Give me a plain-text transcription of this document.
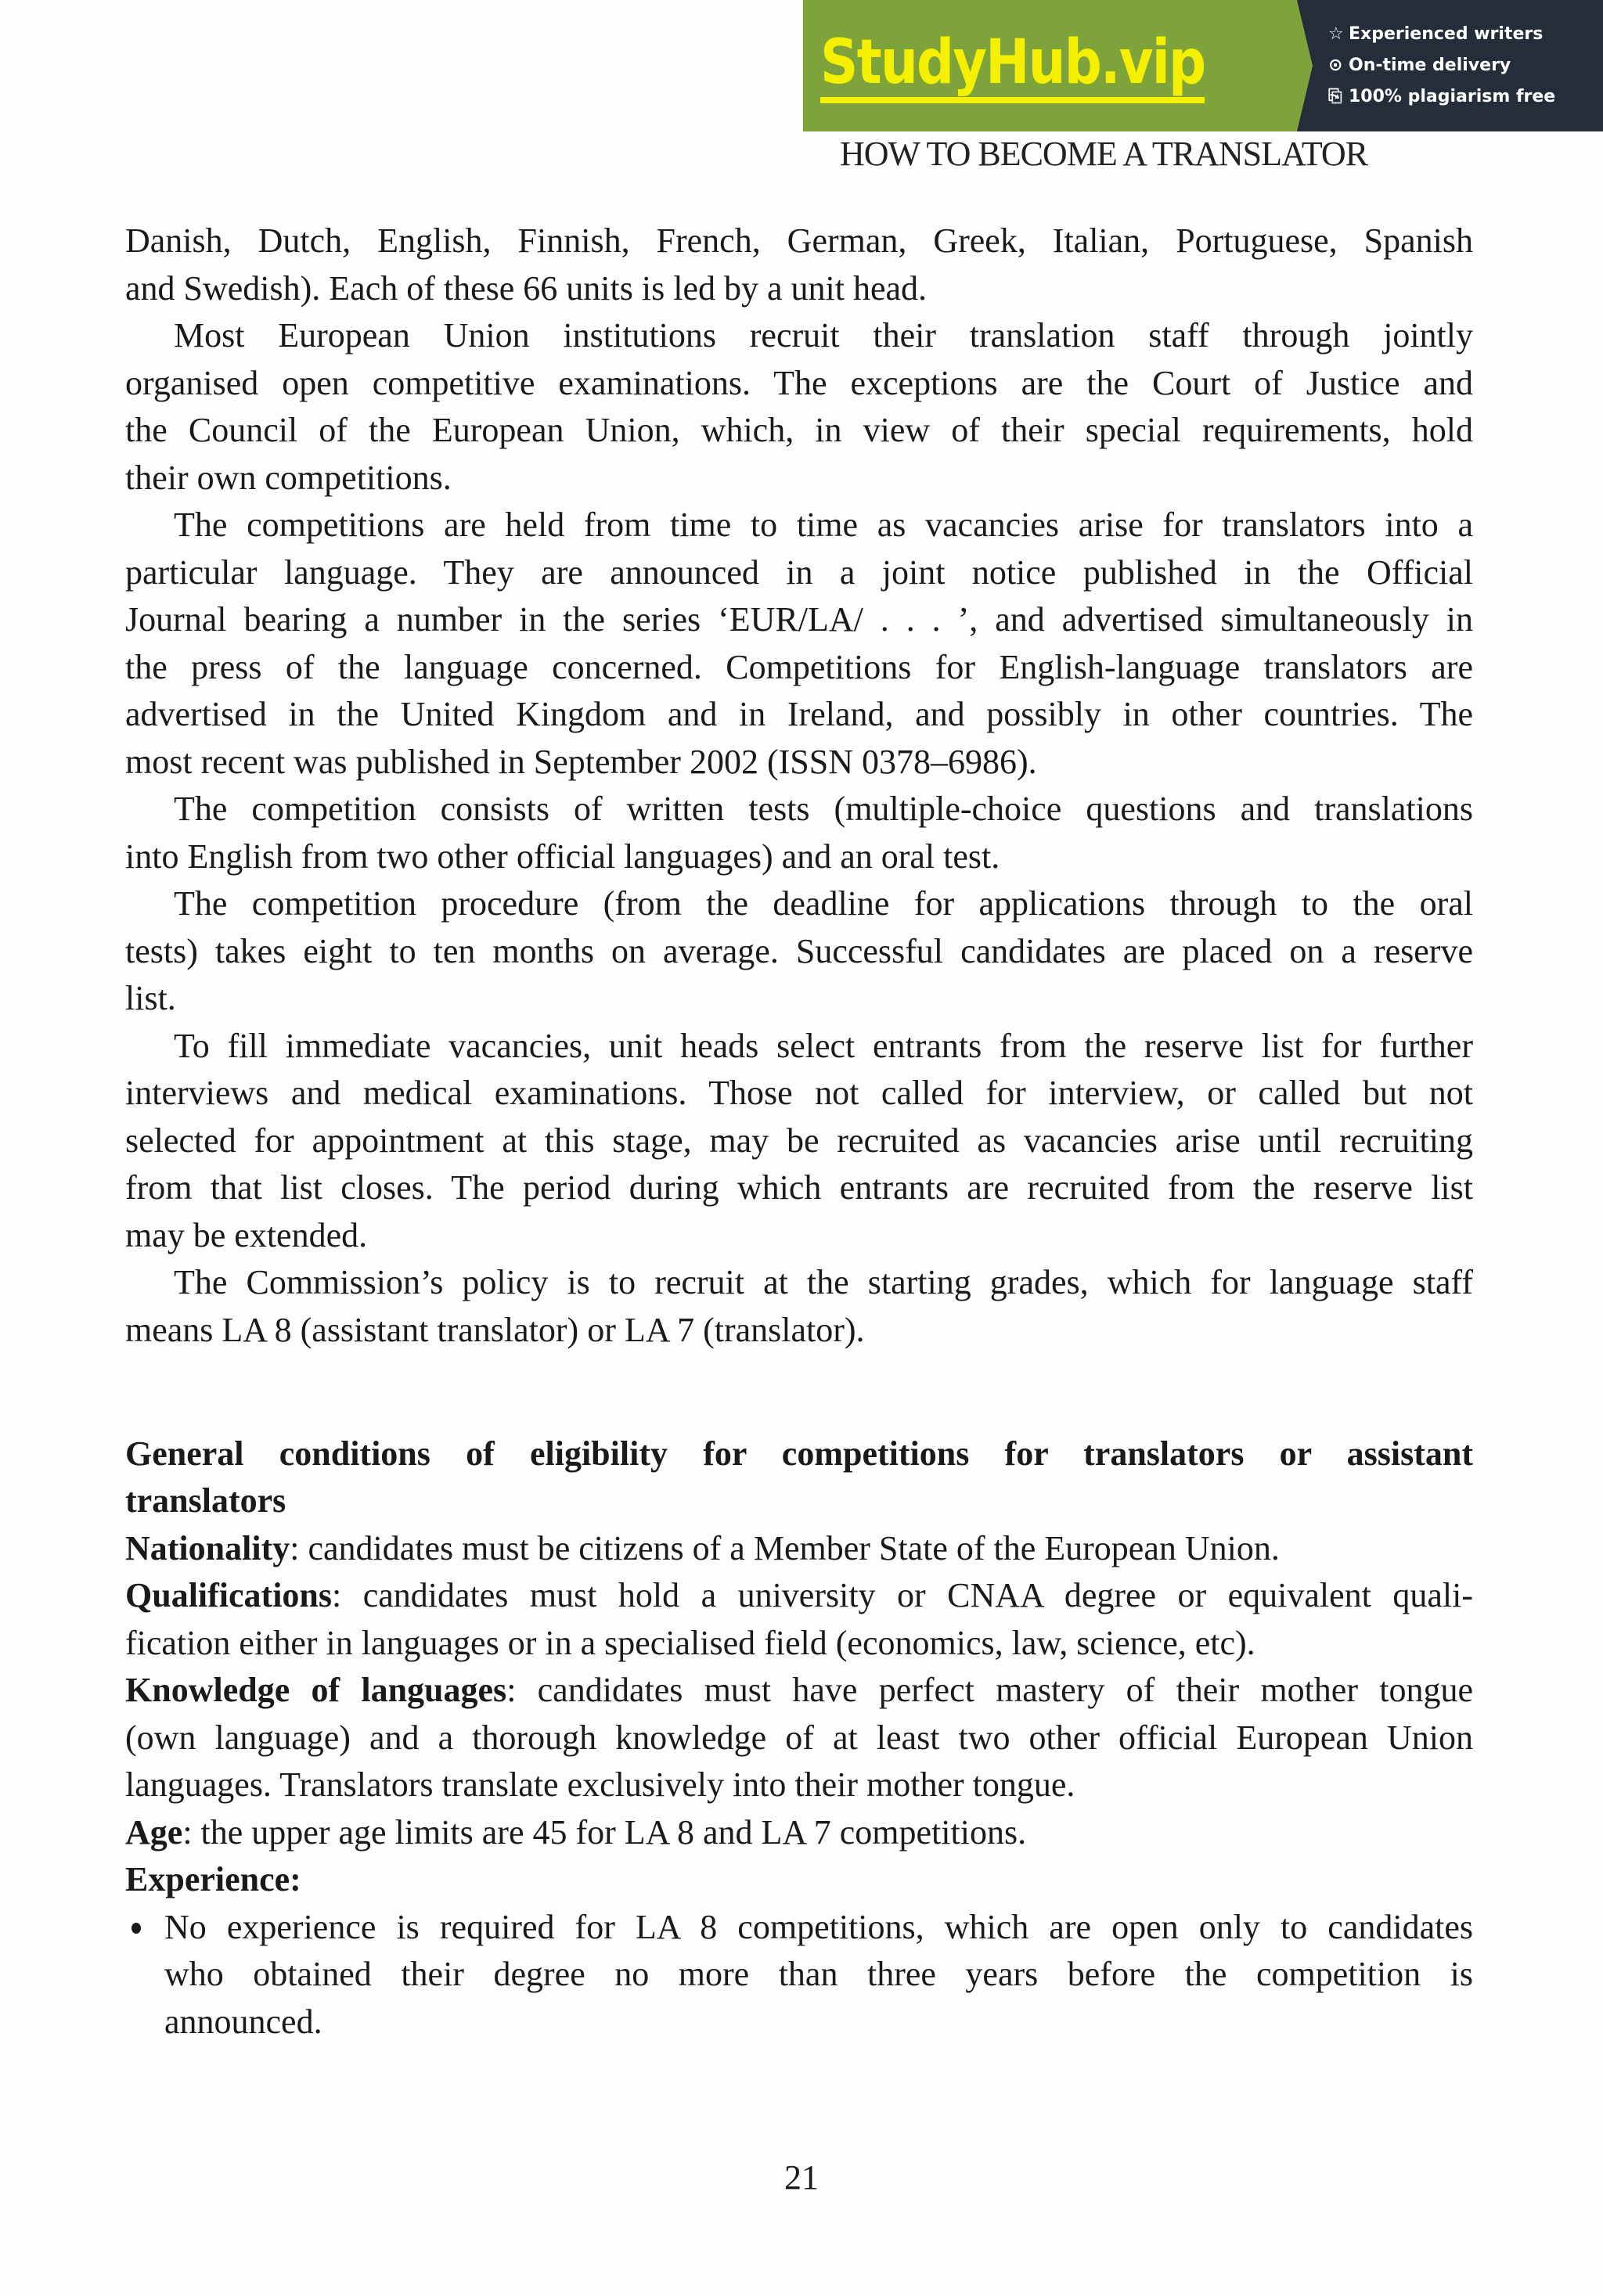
StudyHub.vip	☆ Experienced writers
⊙ On-time delivery
⎘ 100% plagiarism free
HOW TO BECOME A TRANSLATOR
Danish, Dutch, English, Finnish, French, German, Greek, Italian, Portuguese, Spanish
and Swedish). Each of these 66 units is led by a unit head.
Most European Union institutions recruit their translation staff through jointly
organised open competitive examinations. The exceptions are the Court of Justice and
the Council of the European Union, which, in view of their special requirements, hold
their own competitions.
The competitions are held from time to time as vacancies arise for translators into a
particular language. They are announced in a joint notice published in the Official
Journal bearing a number in the series ‘EUR/LA/ . . . ’, and advertised simultaneously in
the press of the language concerned. Competitions for English-language translators are
advertised in the United Kingdom and in Ireland, and possibly in other countries. The
most recent was published in September 2002 (ISSN 0378–6986).
The competition consists of written tests (multiple-choice questions and translations
into English from two other official languages) and an oral test.
The competition procedure (from the deadline for applications through to the oral
tests) takes eight to ten months on average. Successful candidates are placed on a reserve
list.
To fill immediate vacancies, unit heads select entrants from the reserve list for further
interviews and medical examinations. Those not called for interview, or called but not
selected for appointment at this stage, may be recruited as vacancies arise until recruiting
from that list closes. The period during which entrants are recruited from the reserve list
may be extended.
The Commission’s policy is to recruit at the starting grades, which for language staff
means LA 8 (assistant translator) or LA 7 (translator).
General conditions of eligibility for competitions for translators or assistant
translators
Nationality: candidates must be citizens of a Member State of the European Union.
Qualifications: candidates must hold a university or CNAA degree or equivalent quali-
fication either in languages or in a specialised field (economics, law, science, etc).
Knowledge of languages: candidates must have perfect mastery of their mother tongue
(own language) and a thorough knowledge of at least two other official European Union
languages. Translators translate exclusively into their mother tongue.
Age: the upper age limits are 45 for LA 8 and LA 7 competitions.
Experience:
No experience is required for LA 8 competitions, which are open only to candidates
who obtained their degree no more than three years before the competition is
announced.
21
